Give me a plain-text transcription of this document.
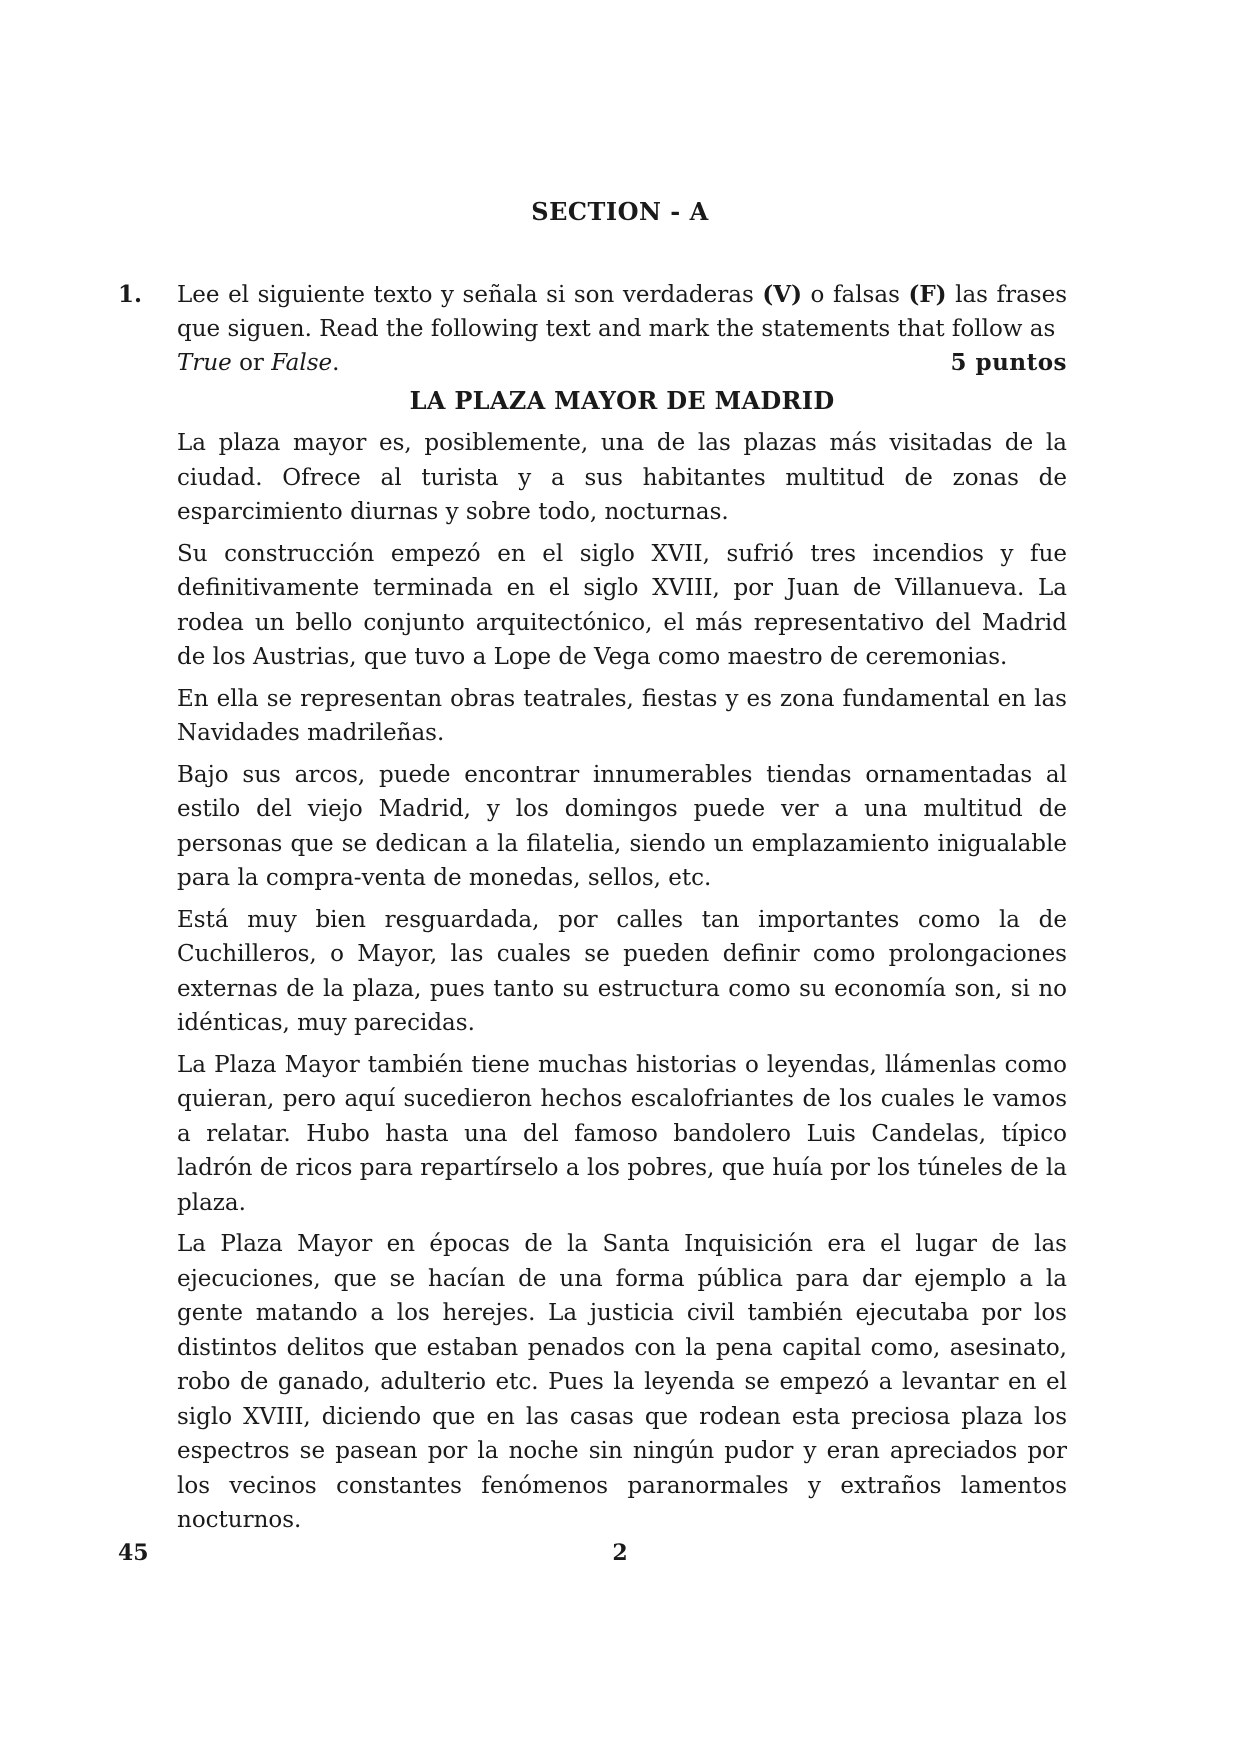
SECTION - A
1. Lee el siguiente texto y señala si son verdaderas (V) o falsas (F) las frases que siguen. Read the following text and mark the statements that follow as

True or False.	5 puntos
LA PLAZA MAYOR DE MADRID

La plaza mayor es, posiblemente, una de las plazas más visitadas de la ciudad. Ofrece al turista y a sus habitantes multitud de zonas de esparcimiento diurnas y sobre todo, nocturnas.

Su construcción empezó en el siglo XVII, sufrió tres incendios y fue definitivamente terminada en el siglo XVIII, por Juan de Villanueva. La rodea un bello conjunto arquitectónico, el más representativo del Madrid de los Austrias, que tuvo a Lope de Vega como maestro de ceremonias.

En ella se representan obras teatrales, fiestas y es zona fundamental en las Navidades madrileñas.

Bajo sus arcos, puede encontrar innumerables tiendas ornamentadas al estilo del viejo Madrid, y los domingos puede ver a una multitud de personas que se dedican a la filatelia, siendo un emplazamiento inigualable para la compra-venta de monedas, sellos, etc.

Está muy bien resguardada, por calles tan importantes como la de Cuchilleros, o Mayor, las cuales se pueden definir como prolongaciones externas de la plaza, pues tanto su estructura como su economía son, si no idénticas, muy parecidas.

La Plaza Mayor también tiene muchas historias o leyendas, llámenlas como quieran, pero aquí sucedieron hechos escalofriantes de los cuales le vamos a relatar. Hubo hasta una del famoso bandolero Luis Candelas, típico ladrón de ricos para repartírselo a los pobres, que huía por los túneles de la plaza.

La Plaza Mayor en épocas de la Santa Inquisición era el lugar de las ejecuciones, que se hacían de una forma pública para dar ejemplo a la gente matando a los herejes. La justicia civil también ejecutaba por los distintos delitos que estaban penados con la pena capital como, asesinato, robo de ganado, adulterio etc. Pues la leyenda se empezó a levantar en el siglo XVIII, diciendo que en las casas que rodean esta preciosa plaza los espectros se pasean por la noche sin ningún pudor y eran apreciados por los vecinos constantes fenómenos paranormales y extraños lamentos nocturnos.

45	2
